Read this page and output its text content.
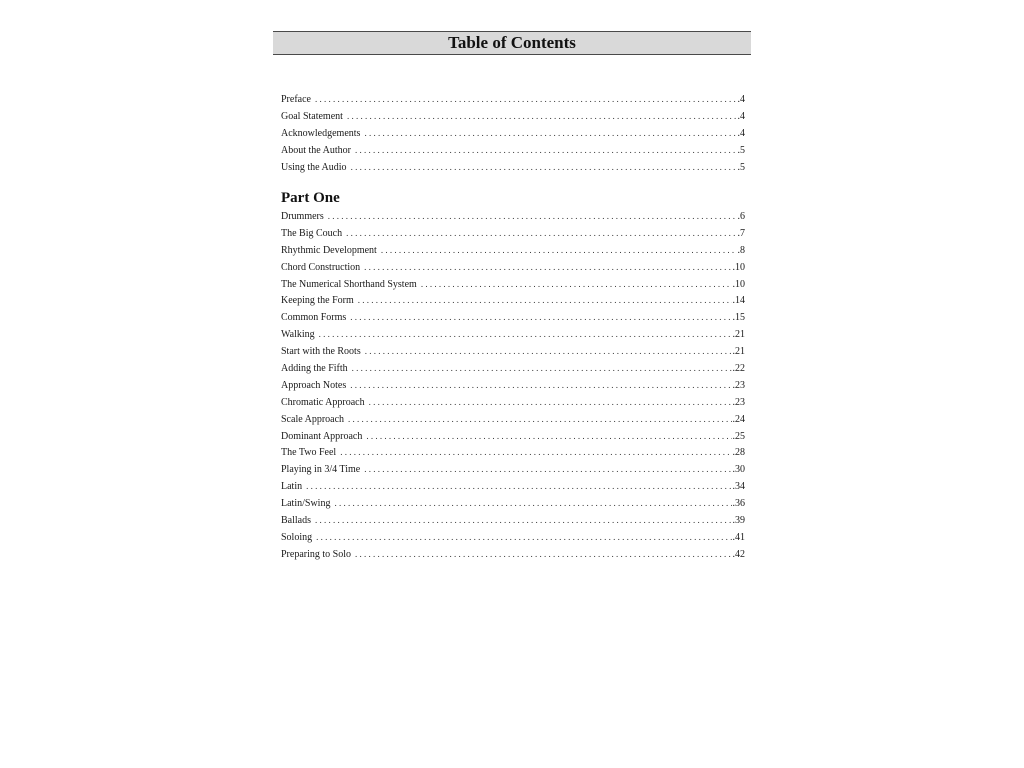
Table of Contents
Preface . . .	.4
Goal Statement . . .	.4
Acknowledgements . . .	.4
About the Author . . .	.5
Using the Audio . . .	.5
Part One
Drummers . . .	.6
The Big Couch . . .	.7
Rhythmic Development . . .	.8
Chord Construction . . .	.10
The Numerical Shorthand System . . .	.10
Keeping the Form . . .	.14
Common Forms . . .	.15
Walking . . .	.21
Start with the Roots . . .	.21
Adding the Fifth . . .	.22
Approach Notes . . .	.23
Chromatic Approach . . .	.23
Scale Approach . . .	.24
Dominant Approach . . .	.25
The Two Feel . . .	.28
Playing in 3/4 Time . . .	.30
Latin . . .	.34
Latin/Swing . . .	.36
Ballads . . .	.39
Soloing . . .	.41
Preparing to Solo . . .	.42
